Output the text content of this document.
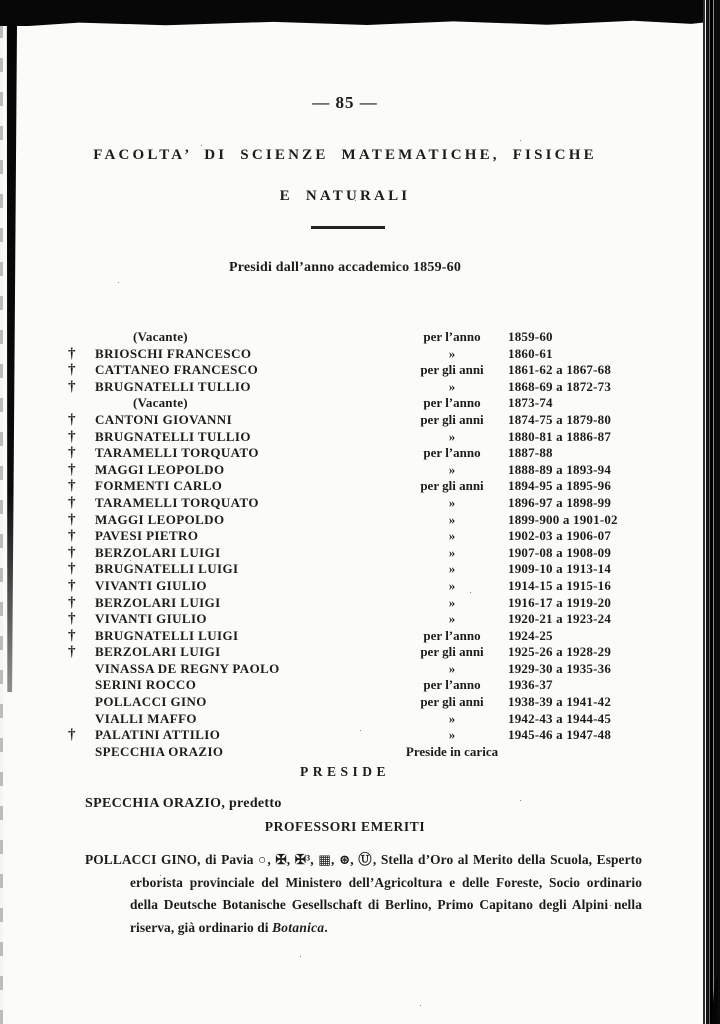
— 85 —
FACOLTA’ DI SCIENZE MATEMATICHE, FISICHE
E NATURALI
Presidi dall’anno accademico 1859-60
(Vacante)	per l’anno	1859-60
†	BRIOSCHI FRANCESCO	»	1860-61
†	CATTANEO FRANCESCO	per gli anni	1861-62 a 1867-68
†	BRUGNATELLI TULLIO	»	1868-69 a 1872-73
(Vacante)	per l’anno	1873-74
†	CANTONI GIOVANNI	per gli anni	1874-75 a 1879-80
†	BRUGNATELLI TULLIO	»	1880-81 a 1886-87
†	TARAMELLI TORQUATO	per l’anno	1887-88
†	MAGGI LEOPOLDO	»	1888-89 a 1893-94
†	FORMENTI CARLO	per gli anni	1894-95 a 1895-96
†	TARAMELLI TORQUATO	»	1896-97 a 1898-99
†	MAGGI LEOPOLDO	»	1899-900 a 1901-02
†	PAVESI PIETRO	»	1902-03 a 1906-07
†	BERZOLARI LUIGI	»	1907-08 a 1908-09
†	BRUGNATELLI LUIGI	»	1909-10 a 1913-14
†	VIVANTI GIULIO	»	1914-15 a 1915-16
†	BERZOLARI LUIGI	»	1916-17 a 1919-20
†	VIVANTI GIULIO	»	1920-21 a 1923-24
†	BRUGNATELLI LUIGI	per l’anno	1924-25
†	BERZOLARI LUIGI	per gli anni	1925-26 a 1928-29
VINASSA DE REGNY PAOLO	»	1929-30 a 1935-36
SERINI ROCCO	per l’anno	1936-37
POLLACCI GINO	per gli anni	1938-39 a 1941-42
VIALLI MAFFO	»	1942-43 a 1944-45
†	PALATINI ATTILIO	»	1945-46 a 1947-48
SPECCHIA ORAZIO	Preside in carica
PRESIDE
SPECCHIA ORAZIO, predetto
PROFESSORI EMERITI

POLLACCI GINO, di Pavia ○, ✠, ✠³, ▦, ⊛, Ⓤ, Stella d’Oro al Merito della Scuola, Esperto erborista provinciale del Ministero dell’Agricoltura e delle Foreste, Socio ordinario della Deutsche Botanische Gesellschaft di Berlino, Primo Capitano degli Alpini nella riserva, già ordinario di Botanica.
